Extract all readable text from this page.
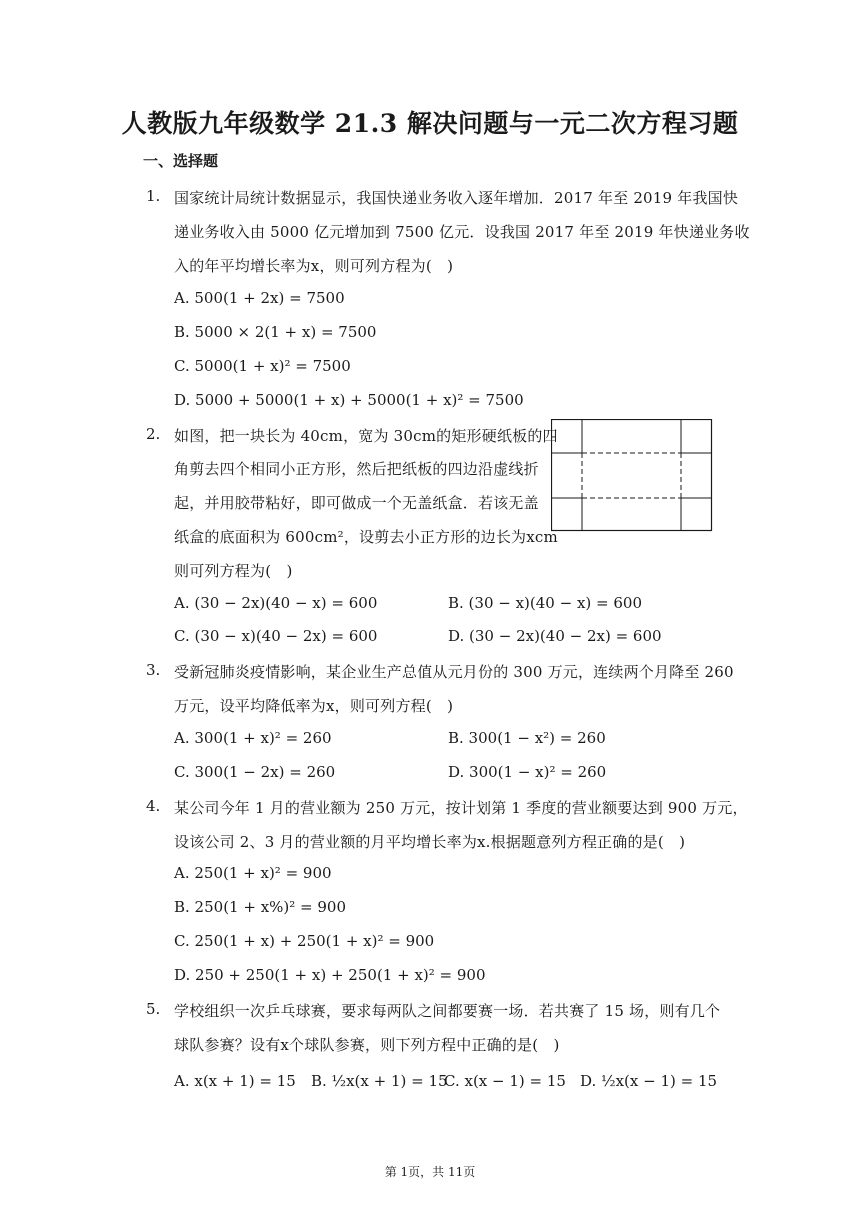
人教版九年级数学 21.3 解决问题与一元二次方程习题
一、选择题
1. 国家统计局统计数据显示，我国快递业务收入逐年增加．2017 年至 2019 年我国快
递业务收入由 5000 亿元增加到 7500 亿元．设我国 2017 年至 2019 年快递业务收
入的年平均增长率为x，则可列方程为(　)
A. 500(1 + 2x) = 7500
B. 5000 × 2(1 + x) = 7500
C. 5000(1 + x)² = 7500
D. 5000 + 5000(1 + x) + 5000(1 + x)² = 7500
2. 如图，把一块长为 40cm，宽为 30cm的矩形硬纸板的四
角剪去四个相同小正方形，然后把纸板的四边沿虚线折
起，并用胶带粘好，即可做成一个无盖纸盒．若该无盖
纸盒的底面积为 600cm²，设剪去小正方形的边长为xcm
则可列方程为(　)
A. (30 − 2x)(40 − x) = 600	B. (30 − x)(40 − x) = 600
C. (30 − x)(40 − 2x) = 600	D. (30 − 2x)(40 − 2x) = 600
3. 受新冠肺炎疫情影响，某企业生产总值从元月份的 300 万元，连续两个月降至 260
万元，设平均降低率为x，则可列方程(　)
A. 300(1 + x)² = 260	B. 300(1 − x²) = 260
C. 300(1 − 2x) = 260	D. 300(1 − x)² = 260
4. 某公司今年 1 月的营业额为 250 万元，按计划第 1 季度的营业额要达到 900 万元，
设该公司 2、3 月的营业额的月平均增长率为x.根据题意列方程正确的是(　)
A. 250(1 + x)² = 900
B. 250(1 + x%)² = 900
C. 250(1 + x) + 250(1 + x)² = 900
D. 250 + 250(1 + x) + 250(1 + x)² = 900
5. 学校组织一次乒乓球赛，要求每两队之间都要赛一场．若共赛了 15 场，则有几个
球队参赛？设有x个球队参赛，则下列方程中正确的是(　)
A. x(x + 1) = 15 B. ½x(x + 1) = 15
C. x(x − 1) = 15 D. ½x(x − 1) = 15
第 1页，共 11页
